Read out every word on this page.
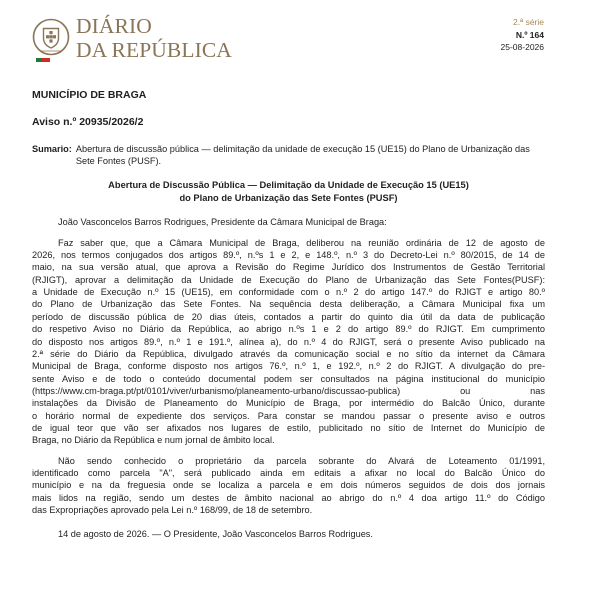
DIÁRIO
DA REPÚBLICA
2.ª série
N.º 164
25-08-2026
MUNICÍPIO DE BRAGA
Aviso n.º 20935/2026/2
Sumario: Abertura de discussão pública — delimitação da unidade de execução 15 (UE15) do Plano de Urbanização das Sete Fontes (PUSF).
Abertura de Discussão Pública — Delimitação da Unidade de Execução 15 (UE15)
do Plano de Urbanização das Sete Fontes (PUSF)

João Vasconcelos Barros Rodrigues, Presidente da Câmara Municipal de Braga:

Faz saber que, que a Câmara Municipal de Braga, deliberou na reunião ordinária de 12 de agosto de
2026, nos termos conjugados dos artigos 89.º, n.ºs 1 e 2, e 148.º, n.º 3 do Decreto-Lei n.º 80/2015, de 14 de
maio, na sua versão atual, que aprova a Revisão do Regime Jurídico dos Instrumentos de Gestão Territorial
(RJIGT), aprovar a delimitação da Unidade de Execução do Plano de Urbanização das Sete Fontes(PUSF):
a Unidade de Execução n.º 15 (UE15), em conformidade com o n.º 2 do artigo 147.º do RJIGT e artigo 80.º
do Plano de Urbanização das Sete Fontes. Na sequência desta deliberação, a Câmara Municipal fixa um
período de discussão pública de 20 dias úteis, contados a partir do quinto dia útil da data de publicação
do respetivo Aviso no Diário da República, ao abrigo n.ºs 1 e 2 do artigo 89.º do RJIGT. Em cumprimento
do disposto nos artigos 89.º, n.º 1 e 191.º, alínea a), do n.º 4 do RJIGT, será o presente Aviso publicado na
2.ª série do Diário da República, divulgado através da comunicação social e no sítio da internet da Câmara
Municipal de Braga, conforme disposto nos artigos 76.º, n.º 1, e 192.º, n.º 2 do RJIGT. A divulgação do pre-
sente Aviso e de todo o conteúdo documental podem ser consultados na página institucional do município
(https://www.cm-braga.pt/pt/0101/viver/urbanismo/planeamento-urbano/discussao-publica) ou nas
instalações da Divisão de Planeamento do Município de Braga, por intermédio do Balcão Único, durante
o horário normal de expediente dos serviços. Para constar se mandou passar o presente aviso e outros
de igual teor que vão ser afixados nos lugares de estilo, publicitado no sítio de Internet do Município de
Braga, no Diário da República e num jornal de âmbito local.

Não sendo conhecido o proprietário da parcela sobrante do Alvará de Loteamento 01/1991,
identificado como parcela "A", será publicado ainda em editais a afixar no local do Balcão Único do
município e na da freguesia onde se localiza a parcela e em dois números seguidos de dois dos jornais
mais lidos na região, sendo um destes de âmbito nacional ao abrigo do n.º 4 doa artigo 11.º do Código
das Expropriações aprovado pela Lei n.º 168/99, de 18 de setembro.

14 de agosto de 2026. — O Presidente, João Vasconcelos Barros Rodrigues.
